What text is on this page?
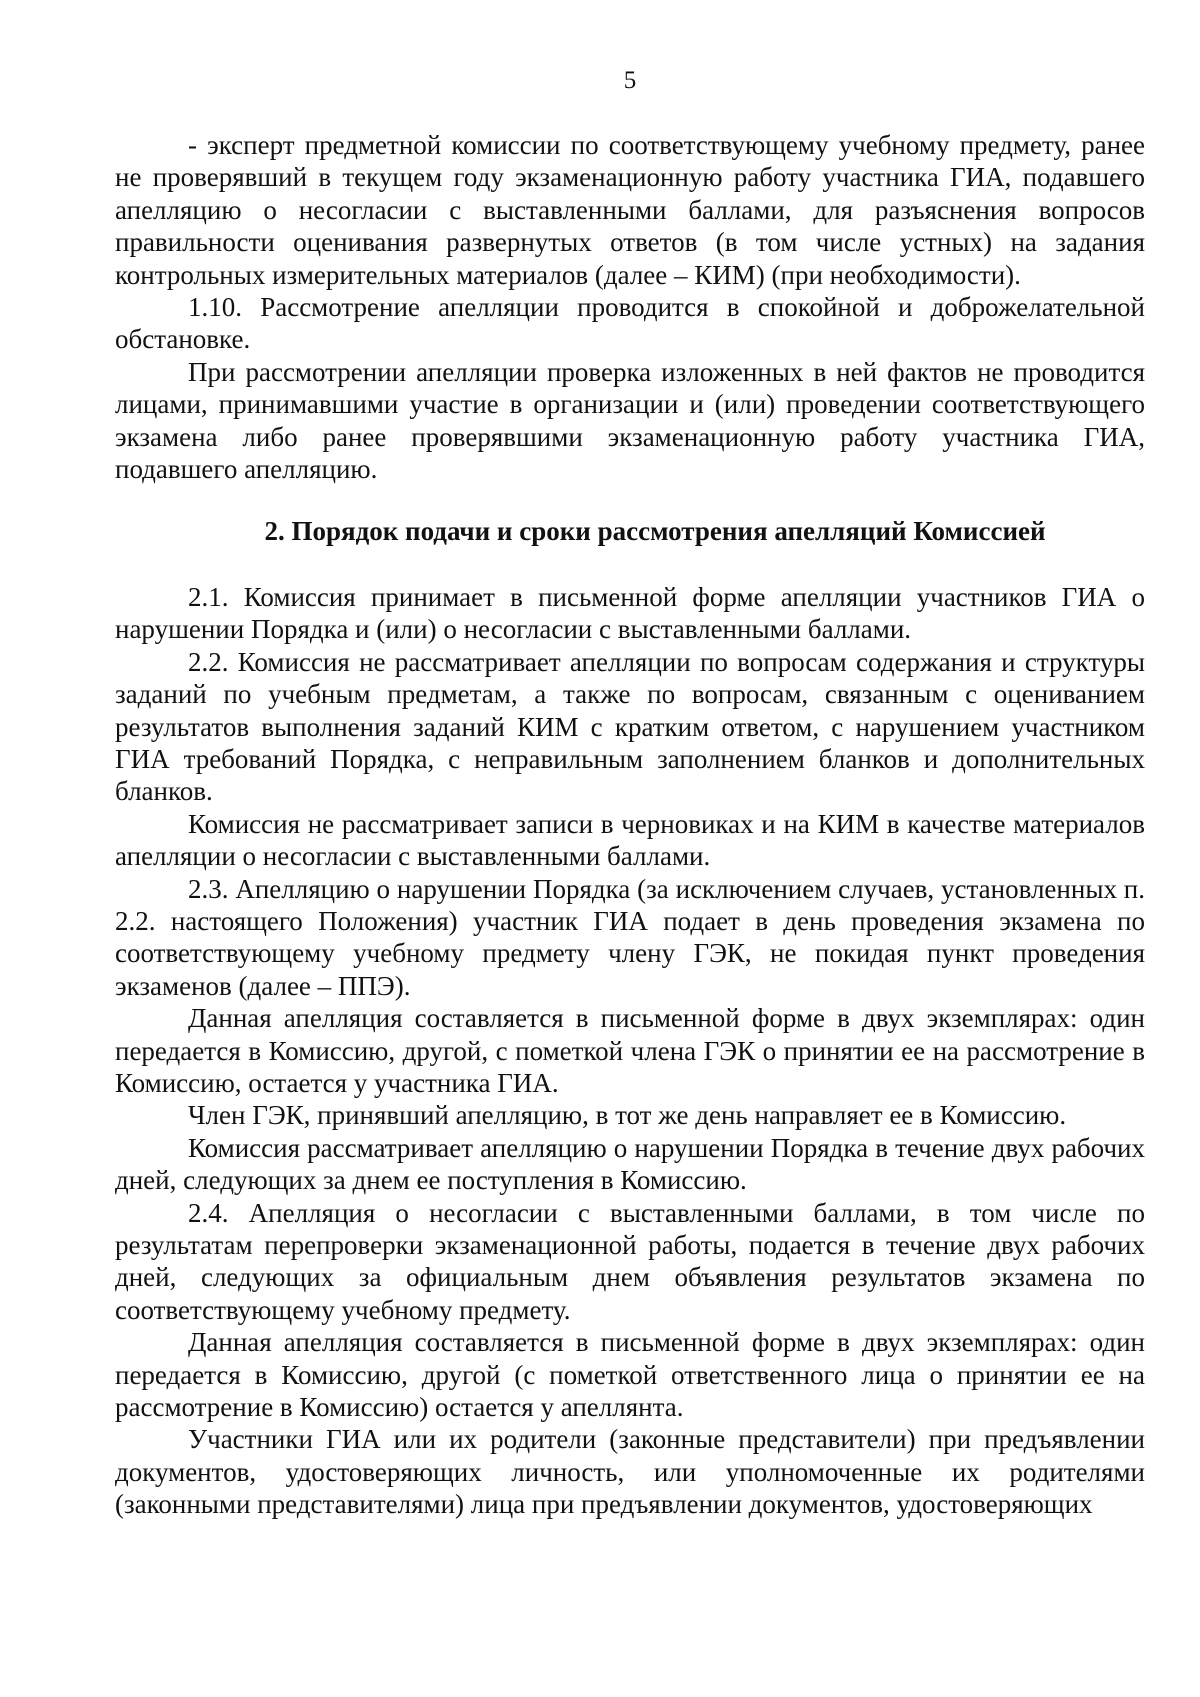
5

- эксперт предметной комиссии по соответствующему учебному предмету, ранее не проверявший в текущем году экзаменационную работу участника ГИА, подавшего апелляцию о несогласии с выставленными баллами, для разъяснения вопросов правильности оценивания развернутых ответов (в том числе устных) на задания контрольных измерительных материалов (далее – КИМ) (при необходимости).

1.10. Рассмотрение апелляции проводится в спокойной и доброжелательной обстановке.

При рассмотрении апелляции проверка изложенных в ней фактов не проводится лицами, принимавшими участие в организации и (или) проведении соответствующего экзамена либо ранее проверявшими экзаменационную работу участника ГИА, подавшего апелляцию.

2. Порядок подачи и сроки рассмотрения апелляций Комиссией

2.1. Комиссия принимает в письменной форме апелляции участников ГИА о нарушении Порядка и (или) о несогласии с выставленными баллами.

2.2. Комиссия не рассматривает апелляции по вопросам содержания и структуры заданий по учебным предметам, а также по вопросам, связанным с оцениванием результатов выполнения заданий КИМ с кратким ответом, с нарушением участником ГИА требований Порядка, с неправильным заполнением бланков и дополнительных бланков.

Комиссия не рассматривает записи в черновиках и на КИМ в качестве материалов апелляции о несогласии с выставленными баллами.

2.3. Апелляцию о нарушении Порядка (за исключением случаев, установленных п. 2.2. настоящего Положения) участник ГИА подает в день проведения экзамена по соответствующему учебному предмету члену ГЭК, не покидая пункт проведения экзаменов (далее – ППЭ).

Данная апелляция составляется в письменной форме в двух экземплярах: один передается в Комиссию, другой, с пометкой члена ГЭК о принятии ее на рассмотрение в Комиссию, остается у участника ГИА.

Член ГЭК, принявший апелляцию, в тот же день направляет ее в Комиссию.

Комиссия рассматривает апелляцию о нарушении Порядка в течение двух рабочих дней, следующих за днем ее поступления в Комиссию.

2.4. Апелляция о несогласии с выставленными баллами, в том числе по результатам перепроверки экзаменационной работы, подается в течение двух рабочих дней, следующих за официальным днем объявления результатов экзамена по соответствующему учебному предмету.

Данная апелляция составляется в письменной форме в двух экземплярах: один передается в Комиссию, другой (с пометкой ответственного лица о принятии ее на рассмотрение в Комиссию) остается у апеллянта.

Участники ГИА или их родители (законные представители) при предъявлении документов, удостоверяющих личность, или уполномоченные их родителями (законными представителями) лица при предъявлении документов, удостоверяющих
